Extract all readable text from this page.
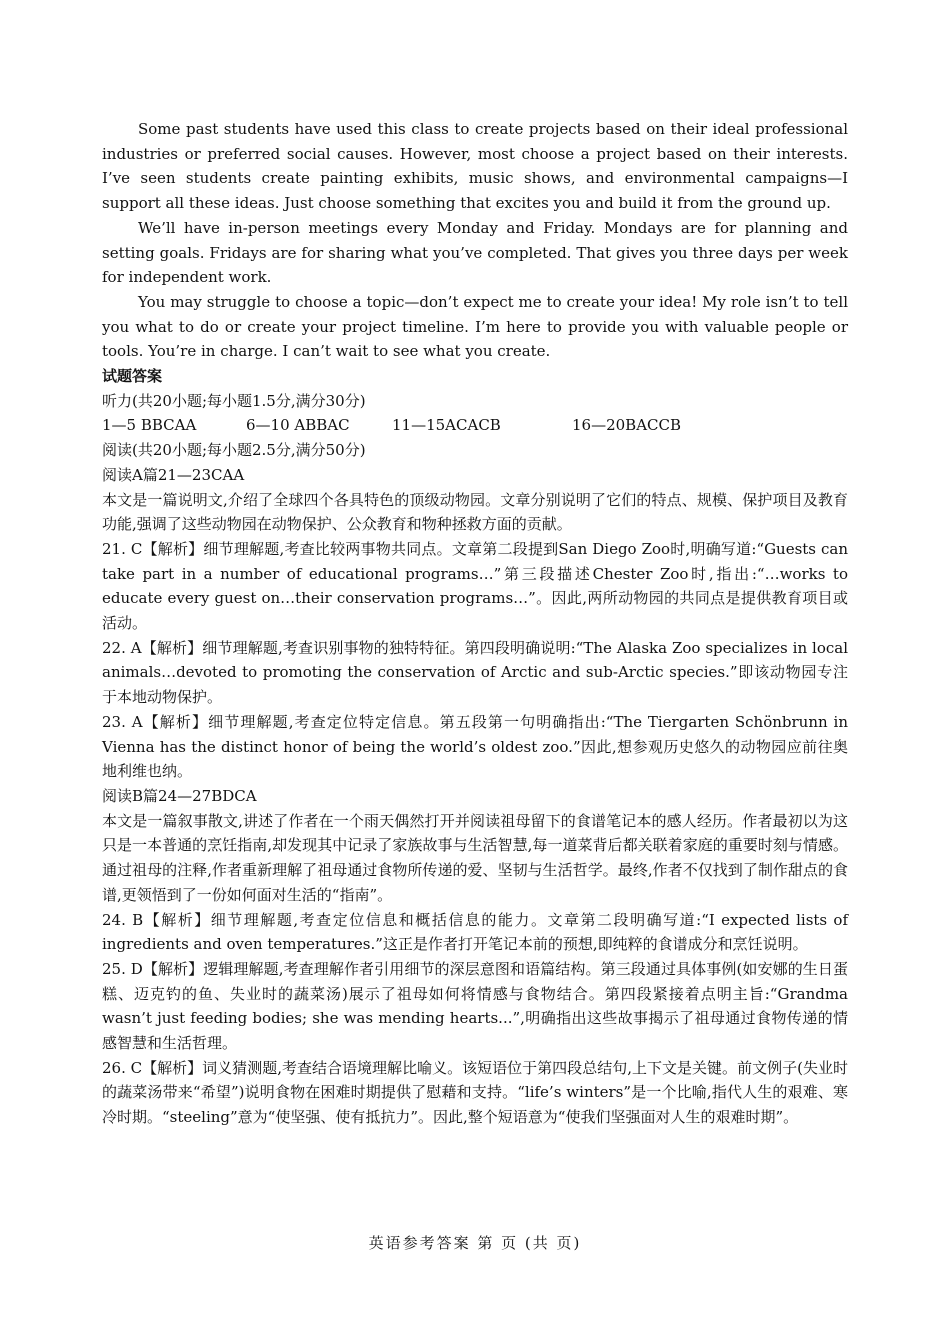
Some past students have used this class to create projects based on their ideal professional industries or preferred social causes. However, most choose a project based on their interests. I’ve seen students create painting exhibits, music shows, and environmental campaigns—I support all these ideas. Just choose something that excites you and build it from the ground up.

We’ll have in-person meetings every Monday and Friday. Mondays are for planning and setting goals. Fridays are for sharing what you’ve completed. That gives you three days per week for independent work.

You may struggle to choose a topic—don’t expect me to create your idea! My role isn’t to tell you what to do or create your project timeline. I’m here to provide you with valuable people or tools. You’re in charge. I can’t wait to see what you create.

试题答案

听力(共20小题;每小题1.5分,满分30分)

1—5 BBCAA	6—10 ABBAC	11—15ACACB	16—20BACCB

阅读(共20小题;每小题2.5分,满分50分)

阅读A篇21—23CAA

本文是一篇说明文,介绍了全球四个各具特色的顶级动物园。文章分别说明了它们的特点、规模、保护项目及教育功能,强调了这些动物园在动物保护、公众教育和物种拯救方面的贡献。

21. C【解析】细节理解题,考查比较两事物共同点。文章第二段提到San Diego Zoo时,明确写道:“Guests can take part in a number of educational programs…”第三段描述Chester Zoo时,指出:“…works to educate every guest on…their conservation programs…”。因此,两所动物园的共同点是提供教育项目或活动。

22. A【解析】细节理解题,考查识别事物的独特特征。第四段明确说明:“The Alaska Zoo specializes in local animals…devoted to promoting the conservation of Arctic and sub-Arctic species.”即该动物园专注于本地动物保护。

23. A【解析】细节理解题,考查定位特定信息。第五段第一句明确指出:“The Tiergarten Schönbrunn in Vienna has the distinct honor of being the world’s oldest zoo.”因此,想参观历史悠久的动物园应前往奥地利维也纳。

阅读B篇24—27BDCA

本文是一篇叙事散文,讲述了作者在一个雨天偶然打开并阅读祖母留下的食谱笔记本的感人经历。作者最初以为这只是一本普通的烹饪指南,却发现其中记录了家族故事与生活智慧,每一道菜背后都关联着家庭的重要时刻与情感。通过祖母的注释,作者重新理解了祖母通过食物所传递的爱、坚韧与生活哲学。最终,作者不仅找到了制作甜点的食谱,更领悟到了一份如何面对生活的“指南”。

24. B【解析】细节理解题,考查定位信息和概括信息的能力。文章第二段明确写道:“I expected lists of ingredients and oven temperatures.”这正是作者打开笔记本前的预想,即纯粹的食谱成分和烹饪说明。

25. D【解析】逻辑理解题,考查理解作者引用细节的深层意图和语篇结构。第三段通过具体事例(如安娜的生日蛋糕、迈克钓的鱼、失业时的蔬菜汤)展示了祖母如何将情感与食物结合。第四段紧接着点明主旨:“Grandma wasn’t just feeding bodies; she was mending hearts...”,明确指出这些故事揭示了祖母通过食物传递的情感智慧和生活哲理。

26. C【解析】词义猜测题,考查结合语境理解比喻义。该短语位于第四段总结句,上下文是关键。前文例子(失业时的蔬菜汤带来“希望”)说明食物在困难时期提供了慰藉和支持。“life’s winters”是一个比喻,指代人生的艰难、寒冷时期。“steeling”意为“使坚强、使有抵抗力”。因此,整个短语意为“使我们坚强面对人生的艰难时期”。

英语参考答案 第 页 (共 页)
